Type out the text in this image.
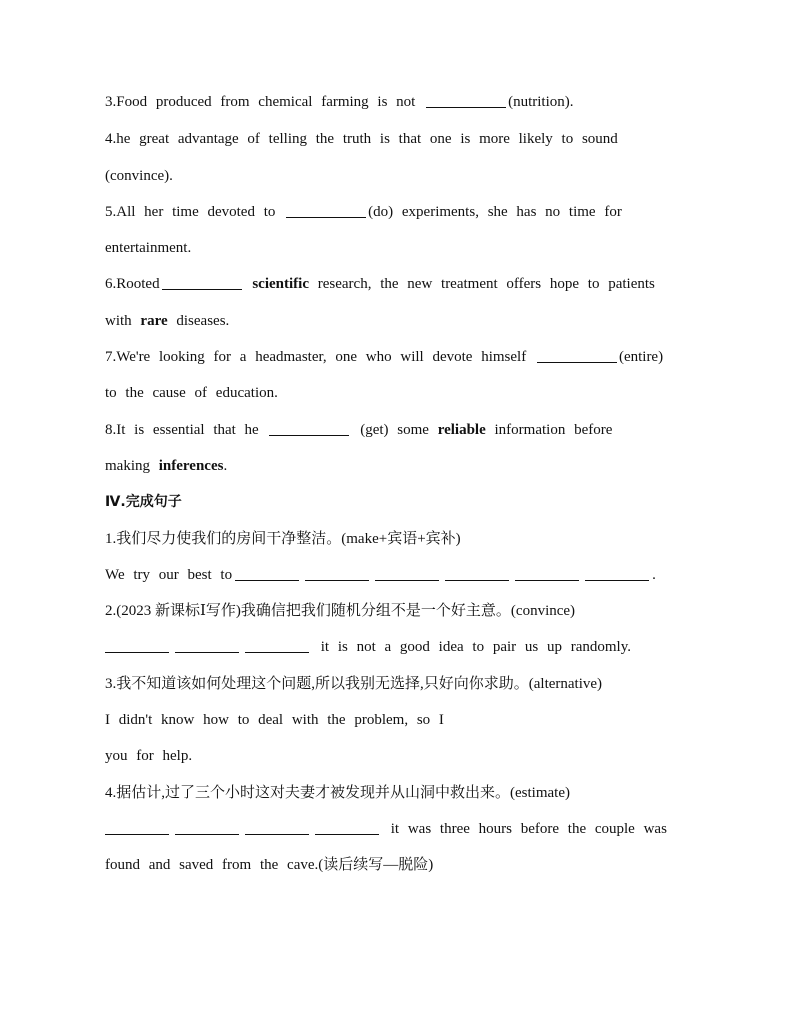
3.Food produced from chemical farming is not	(nutrition).
4.he great advantage of telling the truth is that one is more likely to sound
(convince).
5.All her time devoted to	(do) experiments, she has no time for
entertainment.
6.Rooted	scientific research, the new treatment offers hope to patients
with rare diseases.
7.We're looking for a headmaster, one who will devote himself	(entire)
to the cause of education.
8.It is essential that he	(get) some reliable information before
making inferences.
Ⅳ.完成句子
1.我们尽力使我们的房间干净整洁。(make+宾语+宾补)
We try our best to	.
2.(2023 新课标Ⅰ写作)我确信把我们随机分组不是一个好主意。(convince)
it is not a good idea to pair us up randomly.
3.我不知道该如何处理这个问题,所以我别无选择,只好向你求助。(alternative)
I didn't know how to deal with the problem, so I
you for help.
4.据估计,过了三个小时这对夫妻才被发现并从山洞中救出来。(estimate)
it was three hours before the couple was
found and saved from the cave.(读后续写—脱险)
